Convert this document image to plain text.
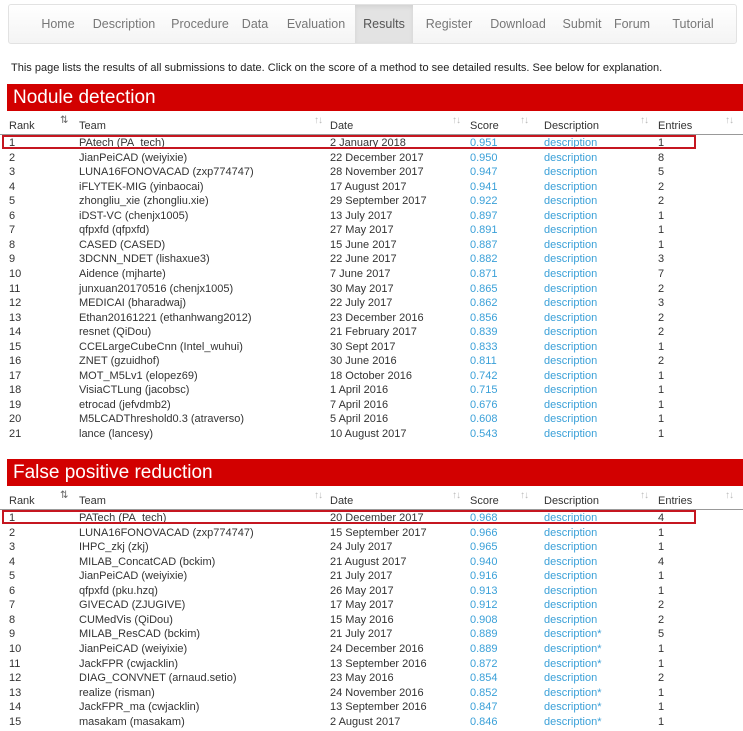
Home Description	Procedure	Data	Evaluation	Results	Register	Download	Submit Forum	Tutorial
This page lists the results of all submissions to date. Click on the score of a method to see detailed results. See below for explanation.
Nodule detection
Rank	⇅ Team	↑↓ Date	↑↓ Score ↑↓ Description	↑↓ Entries	↑↓
1	PAtech (PA_tech)	2 January 2018	0.951	description	1
2	JianPeiCAD (weiyixie)	22 December 2017	0.950	description	8
3	LUNA16FONOVACAD (zxp774747)	28 November 2017	0.947	description	5
4	iFLYTEK-MIG (yinbaocai)	17 August 2017	0.941	description	2
5	zhongliu_xie (zhongliu.xie)	29 September 2017	0.922	description	2
6	iDST-VC (chenjx1005)	13 July 2017	0.897	description	1
7	qfpxfd (qfpxfd)	27 May 2017	0.891	description	1
8	CASED (CASED)	15 June 2017	0.887	description	1
9	3DCNN_NDET (lishaxue3)	22 June 2017	0.882	description	3
10	Aidence (mjharte)	7 June 2017	0.871	description	7
11	junxuan20170516 (chenjx1005)	30 May 2017	0.865	description	2
12	MEDICAI (bharadwaj)	22 July 2017	0.862	description	3
13	Ethan20161221 (ethanhwang2012)	23 December 2016	0.856	description	2
14	resnet (QiDou)	21 February 2017	0.839	description	2
15	CCELargeCubeCnn (Intel_wuhui)	30 Sept 2017	0.833	description	1
16	ZNET (gzuidhof)	30 June 2016	0.811	description	2
17	MOT_M5Lv1 (elopez69)	18 October 2016	0.742	description	1
18	VisiaCTLung (jacobsc)	1 April 2016	0.715	description	1
19	etrocad (jefvdmb2)	7 April 2016	0.676	description	1
20	M5LCADThreshold0.3 (atraverso)	5 April 2016	0.608	description	1
21	lance (lancesy)	10 August 2017	0.543	description	1
False positive reduction
Rank	⇅ Team	↑↓ Date	↑↓ Score ↑↓ Description	↑↓ Entries	↑↓
1	PATech (PA_tech)	20 December 2017	0.968	description	4
2	LUNA16FONOVACAD (zxp774747)	15 September 2017	0.966	description	1
3	IHPC_zkj (zkj)	24 July 2017	0.965	description	1
4	MILAB_ConcatCAD (bckim)	21 August 2017	0.940	description	4
5	JianPeiCAD (weiyixie)	21 July 2017	0.916	description	1
6	qfpxfd (pku.hzq)	26 May 2017	0.913	description	1
7	GIVECAD (ZJUGIVE)	17 May 2017	0.912	description	2
8	CUMedVis (QiDou)	15 May 2016	0.908	description	2
9	MILAB_ResCAD (bckim)	21 July 2017	0.889	description*	5
10	JianPeiCAD (weiyixie)	24 December 2016	0.889	description*	1
11	JackFPR (cwjacklin)	13 September 2016	0.872	description*	1
12	DIAG_CONVNET (arnaud.setio)	23 May 2016	0.854	description	2
13	realize (risman)	24 November 2016	0.852	description*	1
14	JackFPR_ma (cwjacklin)	13 September 2016	0.847	description*	1
15	masakam (masakam)	2 August 2017	0.846	description*	1
